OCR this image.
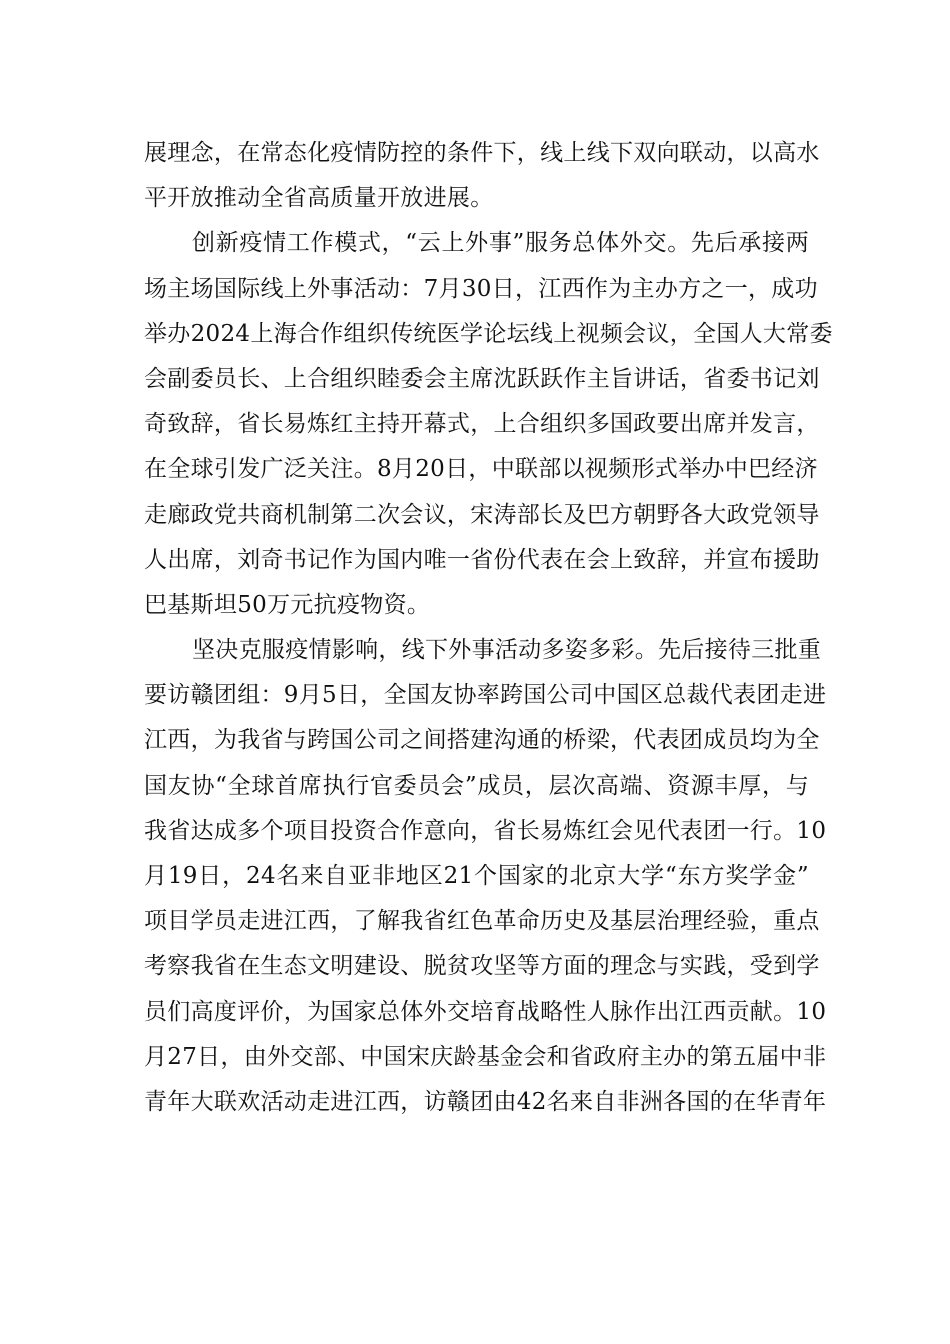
展理念，在常态化疫情防控的条件下，线上线下双向联动，以高水
平开放推动全省高质量开放进展。
创新疫情工作模式，“云上外事”服务总体外交。先后承接两
场主场国际线上外事活动：7月30日，江西作为主办方之一，成功
举办2024上海合作组织传统医学论坛线上视频会议，全国人大常委
会副委员长、上合组织睦委会主席沈跃跃作主旨讲话，省委书记刘
奇致辞，省长易炼红主持开幕式，上合组织多国政要出席并发言，
在全球引发广泛关注。8月20日，中联部以视频形式举办中巴经济
走廊政党共商机制第二次会议，宋涛部长及巴方朝野各大政党领导
人出席，刘奇书记作为国内唯一省份代表在会上致辞，并宣布援助
巴基斯坦50万元抗疫物资。
坚决克服疫情影响，线下外事活动多姿多彩。先后接待三批重
要访赣团组：9月5日，全国友协率跨国公司中国区总裁代表团走进
江西，为我省与跨国公司之间搭建沟通的桥梁，代表团成员均为全
国友协“全球首席执行官委员会”成员，层次高端、资源丰厚，与
我省达成多个项目投资合作意向，省长易炼红会见代表团一行。10
月19日，24名来自亚非地区21个国家的北京大学“东方奖学金”
项目学员走进江西，了解我省红色革命历史及基层治理经验，重点
考察我省在生态文明建设、脱贫攻坚等方面的理念与实践，受到学
员们高度评价，为国家总体外交培育战略性人脉作出江西贡献。10
月27日，由外交部、中国宋庆龄基金会和省政府主办的第五届中非
青年大联欢活动走进江西，访赣团由42名来自非洲各国的在华青年
